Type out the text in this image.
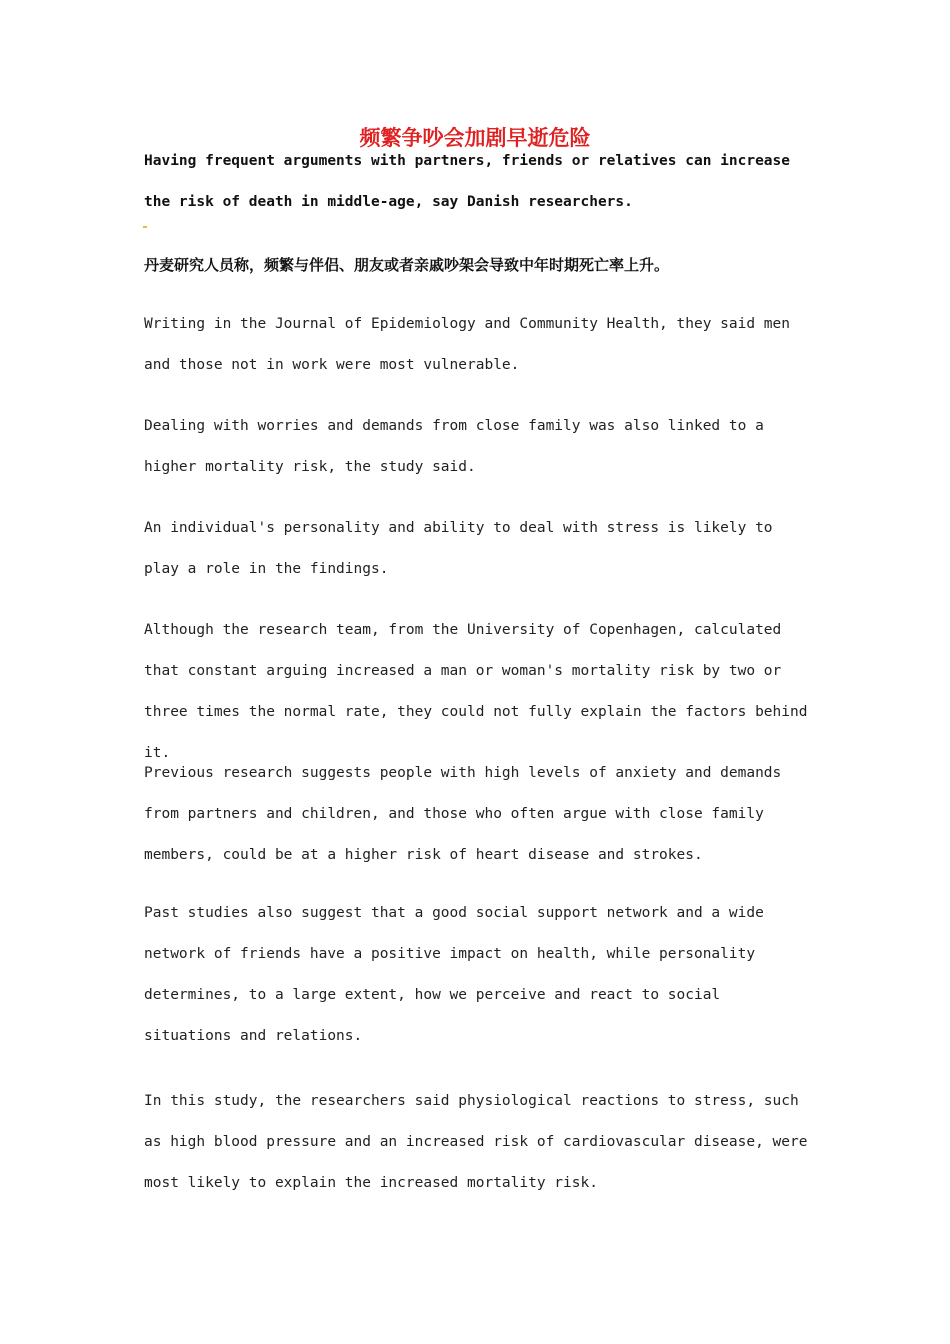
频繁争吵会加剧早逝危险

Having frequent arguments with partners, friends or relatives can increase the risk of death in middle-age, say Danish researchers.

丹麦研究人员称，频繁与伴侣、朋友或者亲戚吵架会导致中年时期死亡率上升。

Writing in the Journal of Epidemiology and Community Health, they said men and those not in work were most vulnerable.

Dealing with worries and demands from close family was also linked to a higher mortality risk, the study said.

An individual's personality and ability to deal with stress is likely to play a role in the findings.

Although the research team, from the University of Copenhagen, calculated that constant arguing increased a man or woman's mortality risk by two or three times the normal rate, they could not fully explain the factors behind it.

Previous research suggests people with high levels of anxiety and demands from partners and children, and those who often argue with close family members, could be at a higher risk of heart disease and strokes.

Past studies also suggest that a good social support network and a wide network of friends have a positive impact on health, while personality determines, to a large extent, how we perceive and react to social situations and relations.

In this study, the researchers said physiological reactions to stress, such as high blood pressure and an increased risk of cardiovascular disease, were most likely to explain the increased mortality risk.
